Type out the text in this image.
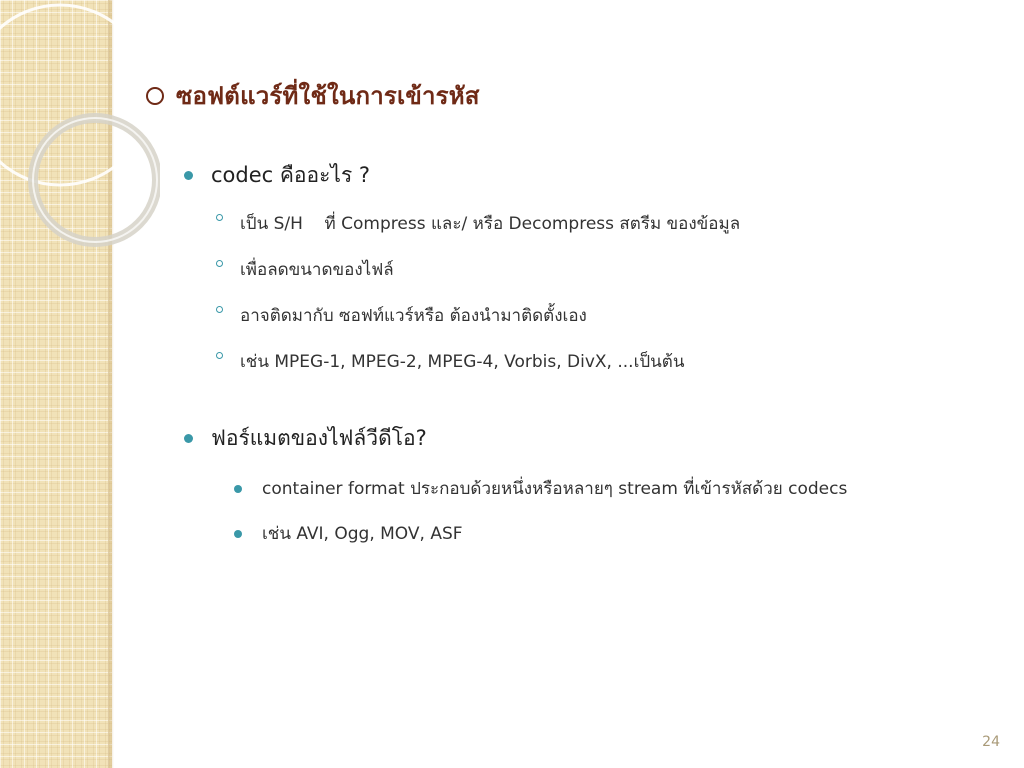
ซอฟต์แวร์ที่ใช้ในการเข้ารหัส
codec คืออะไร ?
เป็น S/H    ที่ Compress และ/ หรือ Decompress สตรีม ของข้อมูล
เพื่อลดขนาดของไฟล์
อาจติดมากับ ซอฟท์แวร์หรือ ต้องนำมาติดตั้งเอง
เช่น MPEG-1, MPEG-2, MPEG-4, Vorbis, DivX, ...เป็นต้น
ฟอร์แมตของไฟล์วีดีโอ?
container format ประกอบด้วยหนึ่งหรือหลายๆ stream ที่เข้ารหัสด้วย codecs
เช่น AVI, Ogg, MOV, ASF
24
